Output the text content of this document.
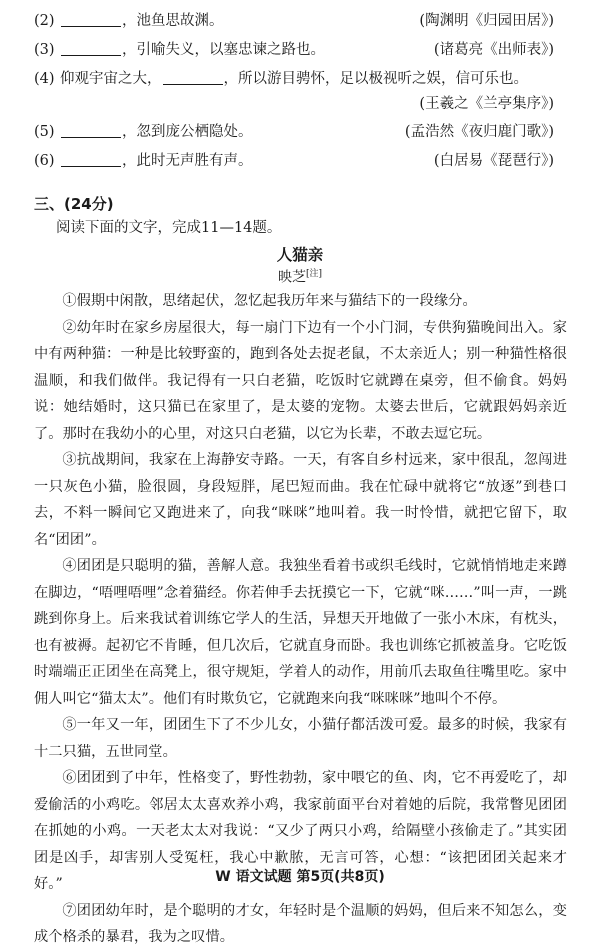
(2)	，池鱼思故渊。	(陶渊明《归园田居》)
(3)	，引喻失义，以塞忠谏之路也。	(诸葛亮《出师表》)
(4) 仰观宇宙之大，	，所以游目骋怀，足以极视听之娱，信可乐也。
(王羲之《兰亭集序》)
(5)	，忽到庞公栖隐处。	(孟浩然《夜归鹿门歌》)
(6)	，此时无声胜有声。	(白居易《琵琶行》)
三、(24分)
阅读下面的文字，完成11—14题。
人猫亲
映芝[注]

①假期中闲散，思绪起伏，忽忆起我历年来与猫结下的一段缘分。

②幼年时在家乡房屋很大，每一扇门下边有一个小门洞，专供狗猫晚间出入。家中有两种猫：一种是比较野蛮的，跑到各处去捉老鼠，不太亲近人；别一种猫性格很温顺，和我们做伴。我记得有一只白老猫，吃饭时它就蹲在桌旁，但不偷食。妈妈说：她结婚时，这只猫已在家里了，是太婆的宠物。太婆去世后，它就跟妈妈亲近了。那时在我幼小的心里，对这只白老猫，以它为长辈，不敢去逗它玩。

③抗战期间，我家在上海静安寺路。一天，有客自乡村远来，家中很乱，忽闯进一只灰色小猫，脸很圆，身段短胖，尾巴短而曲。我在忙碌中就将它“放逐”到巷口去，不料一瞬间它又跑进来了，向我“咪咪”地叫着。我一时怜惜，就把它留下，取名“团团”。

④团团是只聪明的猫，善解人意。我独坐看着书或织毛线时，它就悄悄地走来蹲在脚边，“唔哩唔哩”念着猫经。你若伸手去抚摸它一下，它就“咪……”叫一声，一跳跳到你身上。后来我试着训练它学人的生活，异想天开地做了一张小木床，有枕头，也有被褥。起初它不肯睡，但几次后，它就直身而卧。我也训练它抓被盖身。它吃饭时端端正正团坐在高凳上，很守规矩，学着人的动作，用前爪去取鱼往嘴里吃。家中佣人叫它“猫太太”。他们有时欺负它，它就跑来向我“咪咪咪”地叫个不停。

⑤一年又一年，团团生下了不少儿女，小猫仔都活泼可爱。最多的时候，我家有十二只猫，五世同堂。

⑥团团到了中年，性格变了，野性勃勃，家中喂它的鱼、肉，它不再爱吃了，却爱偷活的小鸡吃。邻居太太喜欢养小鸡，我家前面平台对着她的后院，我常瞥见团团在抓她的小鸡。一天老太太对我说：“又少了两只小鸡，给隔壁小孩偷走了。”其实团团是凶手，却害别人受冤枉，我心中歉脓，无言可答，心想：“该把团团关起来才好。”

⑦团团幼年时，是个聪明的才女，年轻时是个温顺的妈妈，但后来不知怎么，变成个格杀的暴君，我为之叹惜。

W 语文试题 第5页(共8页)
